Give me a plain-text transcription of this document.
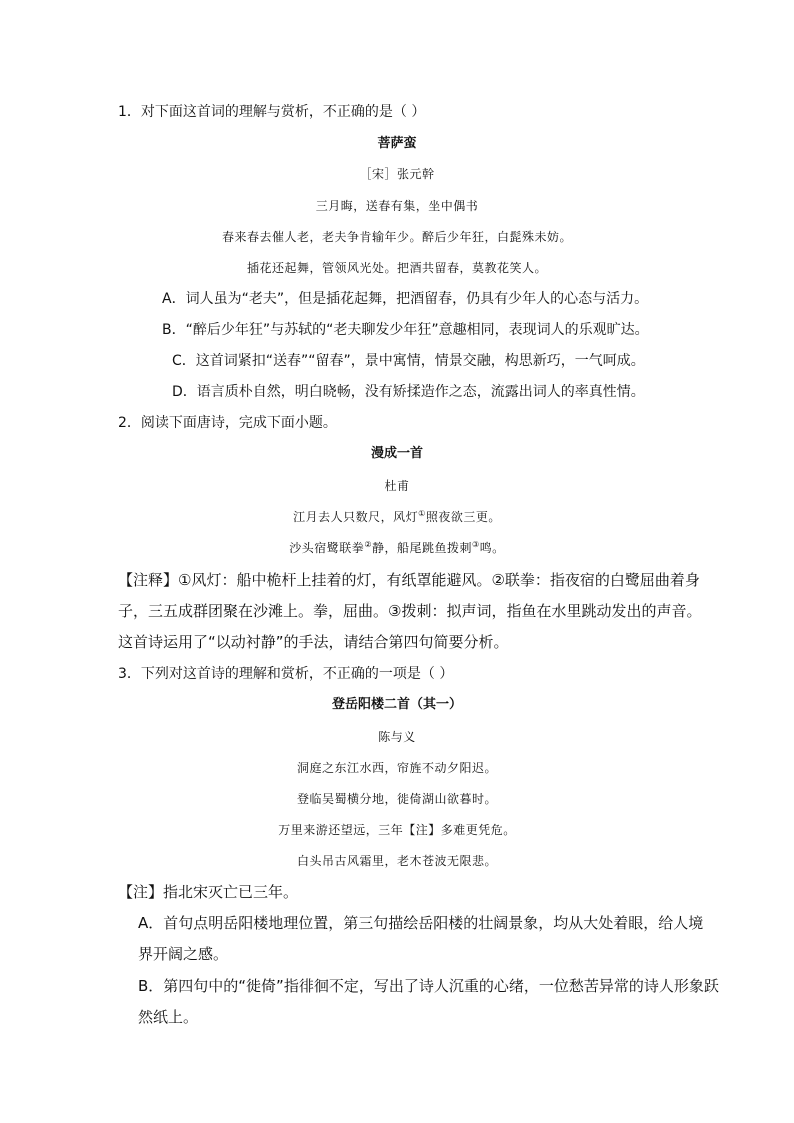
1．对下面这首词的理解与赏析，不正确的是（ ）
菩萨蛮
［宋］张元幹
三月晦，送春有集，坐中偶书
春来春去催人老，老夫争肯输年少。醉后少年狂，白髭殊未妨。
插花还起舞，管领风光处。把酒共留春，莫教花笑人。
A．词人虽为“老夫”，但是插花起舞，把酒留春，仍具有少年人的心态与活力。
B．“醉后少年狂”与苏轼的“老夫聊发少年狂”意趣相同，表现词人的乐观旷达。
C．这首词紧扣“送春”“留春”，景中寓情，情景交融，构思新巧，一气呵成。
D．语言质朴自然，明白晓畅，没有矫揉造作之态，流露出词人的率真性情。
2．阅读下面唐诗，完成下面小题。
漫成一首
杜甫
江月去人只数尺，风灯①照夜欲三更。
沙头宿鹭联拳②静，船尾跳鱼拨刺③鸣。
【注释】①风灯：船中桅杆上挂着的灯，有纸罩能避风。②联拳：指夜宿的白鹭屈曲着身
子，三五成群团聚在沙滩上。拳，屈曲。③拨刺：拟声词，指鱼在水里跳动发出的声音。
这首诗运用了“以动衬静”的手法，请结合第四句简要分析。
3．下列对这首诗的理解和赏析，不正确的一项是（ ）
登岳阳楼二首（其一）
陈与义
洞庭之东江水西，帘旌不动夕阳迟。
登临吴蜀横分地，徙倚湖山欲暮时。
万里来游还望远，三年【注】多难更凭危。
白头吊古风霜里，老木苍波无限悲。
【注】指北宋灭亡已三年。
A．首句点明岳阳楼地理位置，第三句描绘岳阳楼的壮阔景象，均从大处着眼，给人境
界开阔之感。
B．第四句中的“徙倚”指徘徊不定，写出了诗人沉重的心绪，一位愁苦异常的诗人形象跃
然纸上。
